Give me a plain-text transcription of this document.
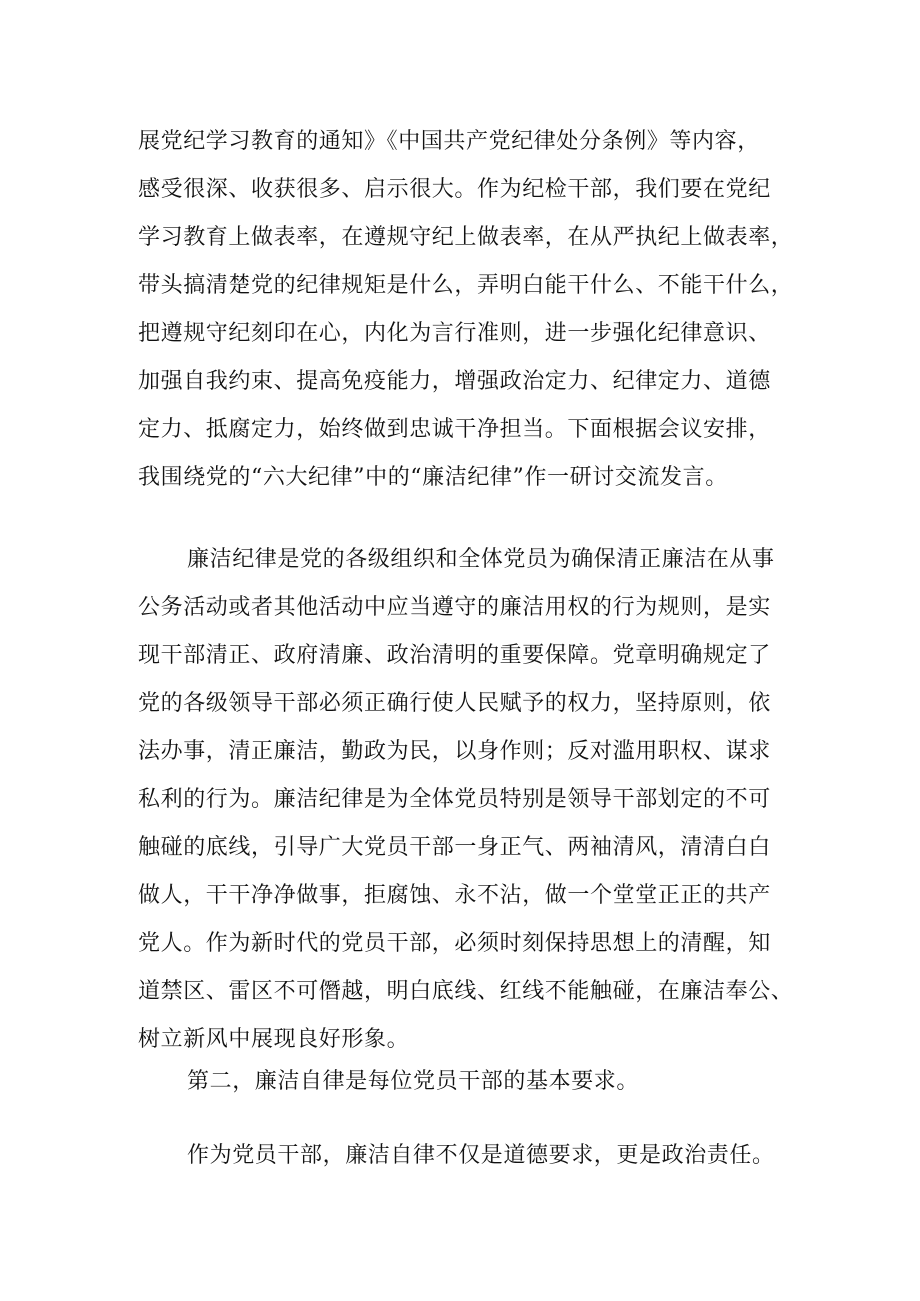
展党纪学习教育的通知》《中国共产党纪律处分条例》等内容，
感受很深、收获很多、启示很大。作为纪检干部，我们要在党纪
学习教育上做表率，在遵规守纪上做表率，在从严执纪上做表率，
带头搞清楚党的纪律规矩是什么，弄明白能干什么、不能干什么，
把遵规守纪刻印在心，内化为言行准则，进一步强化纪律意识、
加强自我约束、提高免疫能力，增强政治定力、纪律定力、道德
定力、抵腐定力，始终做到忠诚干净担当。下面根据会议安排，
我围绕党的“六大纪律”中的“廉洁纪律”作一研讨交流发言。
廉洁纪律是党的各级组织和全体党员为确保清正廉洁在从事
公务活动或者其他活动中应当遵守的廉洁用权的行为规则，是实
现干部清正、政府清廉、政治清明的重要保障。党章明确规定了
党的各级领导干部必须正确行使人民赋予的权力，坚持原则，依
法办事，清正廉洁，勤政为民，以身作则；反对滥用职权、谋求
私利的行为。廉洁纪律是为全体党员特别是领导干部划定的不可
触碰的底线，引导广大党员干部一身正气、两袖清风，清清白白
做人，干干净净做事，拒腐蚀、永不沾，做一个堂堂正正的共产
党人。作为新时代的党员干部，必须时刻保持思想上的清醒，知
道禁区、雷区不可僭越，明白底线、红线不能触碰，在廉洁奉公、
树立新风中展现良好形象。
第二，廉洁自律是每位党员干部的基本要求。
作为党员干部，廉洁自律不仅是道德要求，更是政治责任。
